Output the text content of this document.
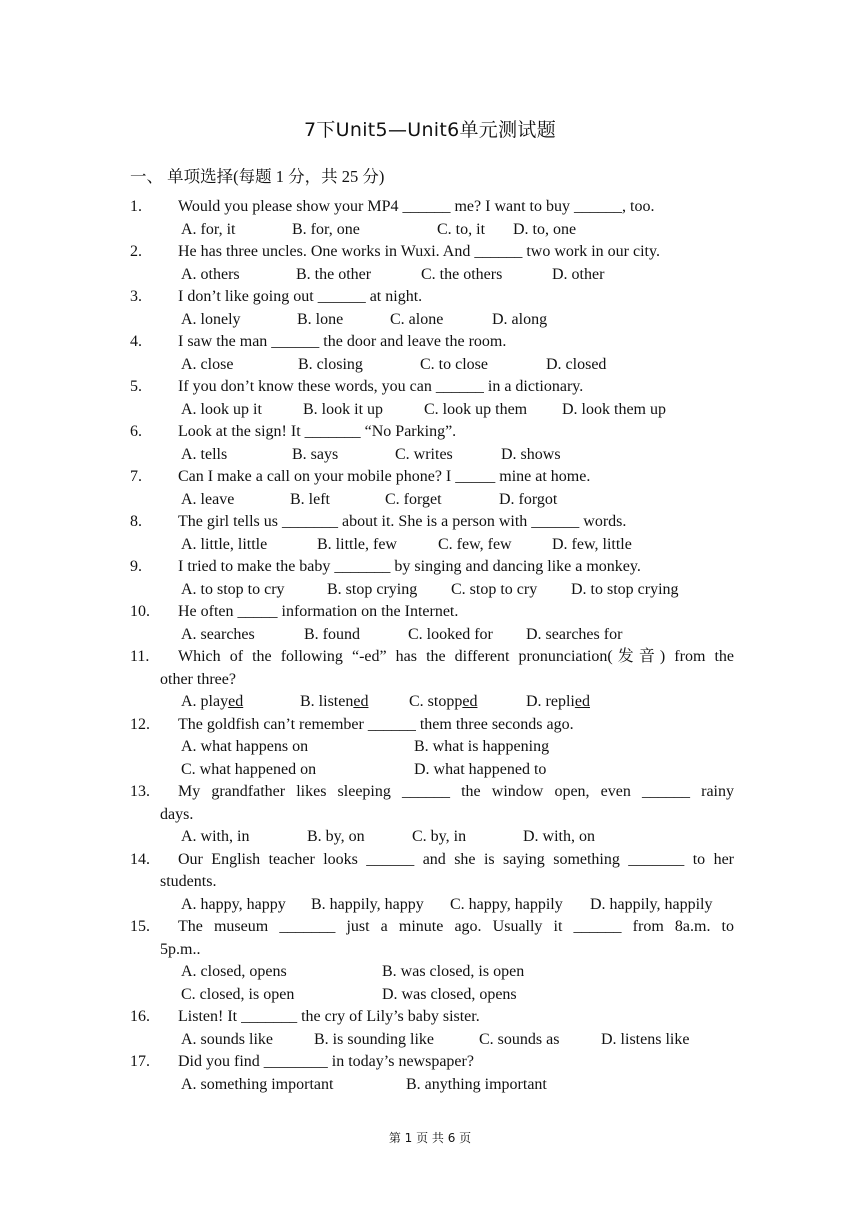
7下Unit5—Unit6单元测试题
一、 单项选择(每题 1 分，共 25 分)
1.	Would you please show your MP4 ______ me? I want to buy ______, too.
A. for, it	B. for, one	C. to, it	D. to, one
2.	He has three uncles. One works in Wuxi. And ______ two work in our city.
A. others	B. the other	C. the others	D. other
3.	I don’t like going out ______ at night.
A. lonely	B. lone	C. alone	D. along
4.	I saw the man ______ the door and leave the room.
A. close	B. closing	C. to close	D. closed
5.	If you don’t know these words, you can ______ in a dictionary.
A. look up it	B. look it up	C. look up them	D. look them up
6.	Look at the sign! It _______ “No Parking”.
A. tells	B. says	C. writes	D. shows
7.	Can I make a call on your mobile phone? I _____ mine at home.
A. leave	B. left	C. forget	D. forgot
8.	The girl tells us _______ about it. She is a person with ______ words.
A. little, little	B. little, few	C. few, few	D. few, little
9.	I tried to make the baby _______ by singing and dancing like a monkey.
A. to stop to cry	B. stop crying	C. stop to cry	D. to stop crying
10.	He often _____ information on the Internet.
A. searches	B. found	C. looked for	D. searches for
11.	Which of the following “-ed” has the different pronunciation(发音) from the
other three?
A. played	B. listened	C. stopped	D. replied
12.	The goldfish can’t remember ______ them three seconds ago.
A. what happens on	B. what is happening
C. what happened on	D. what happened to
13.	My grandfather likes sleeping ______ the window open, even ______ rainy
days.
A. with, in	B. by, on	C. by, in	D. with, on
14.	Our English teacher looks ______ and she is saying something _______ to her
students.
A. happy, happy	B. happily, happy	C. happy, happily	D. happily, happily
15.	The museum _______ just a minute ago. Usually it ______ from 8a.m. to
5p.m..
A. closed, opens	B. was closed, is open
C. closed, is open	D. was closed, opens
16.	Listen! It _______ the cry of Lily’s baby sister.
A. sounds like	B. is sounding like	C. sounds as	D. listens like
17.	Did you find ________ in today’s newspaper?
A. something important	B. anything important
第 1 页 共 6 页
